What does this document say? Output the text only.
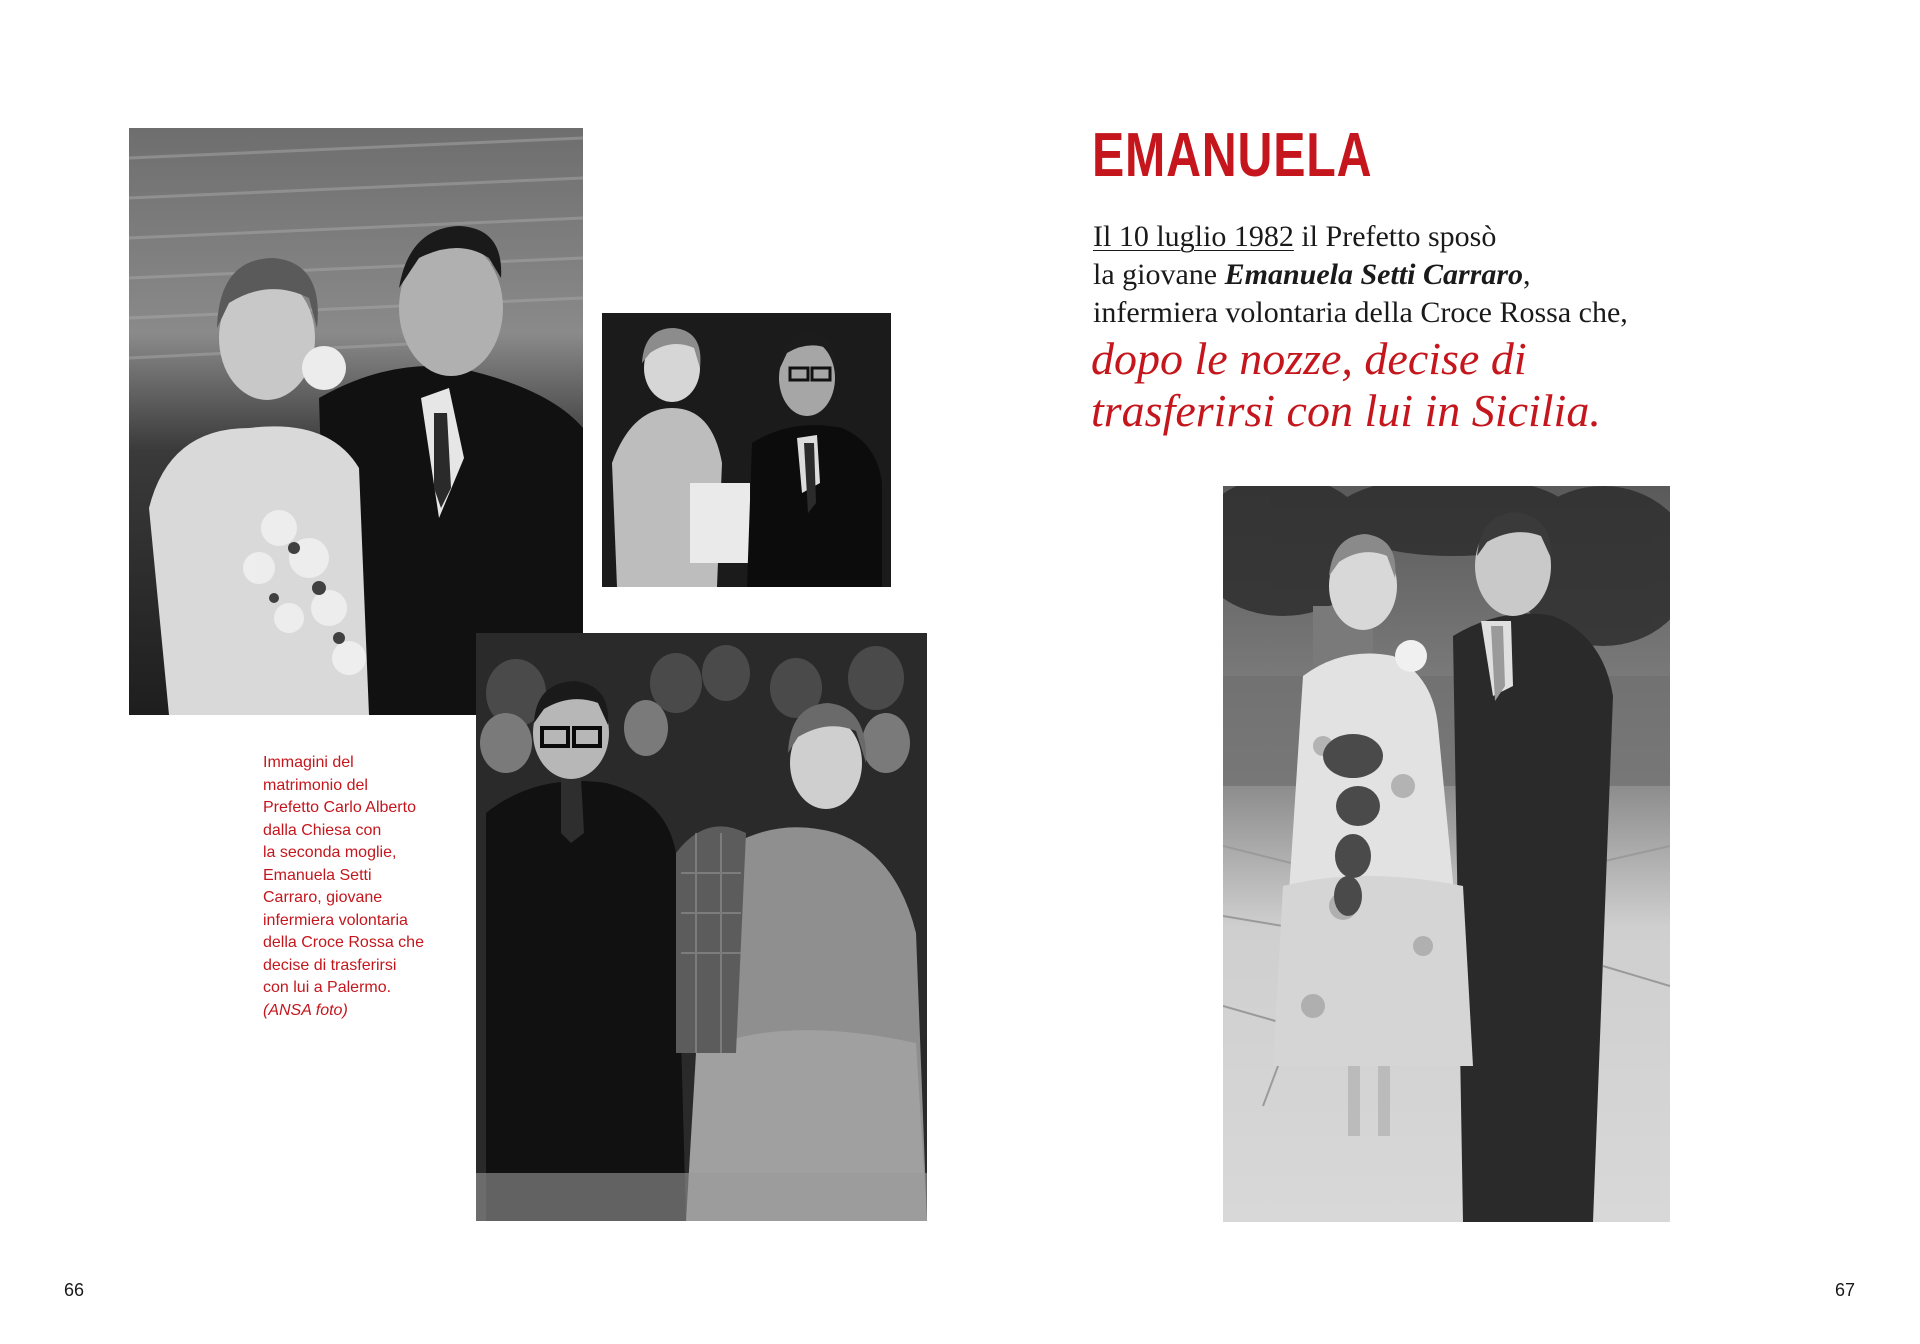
Immagini del
matrimonio del
Prefetto Carlo Alberto
dalla Chiesa con
la seconda moglie,
Emanuela Setti
Carraro, giovane
infermiera volontaria
della Croce Rossa che
decise di trasferirsi
con lui a Palermo.
(ANSA foto)
EMANUELA
Il 10 luglio 1982 il Prefetto sposò
la giovane Emanuela Setti Carraro,
infermiera volontaria della Croce Rossa che,
dopo le nozze, decise di
trasferirsi con lui in Sicilia.
66	67
